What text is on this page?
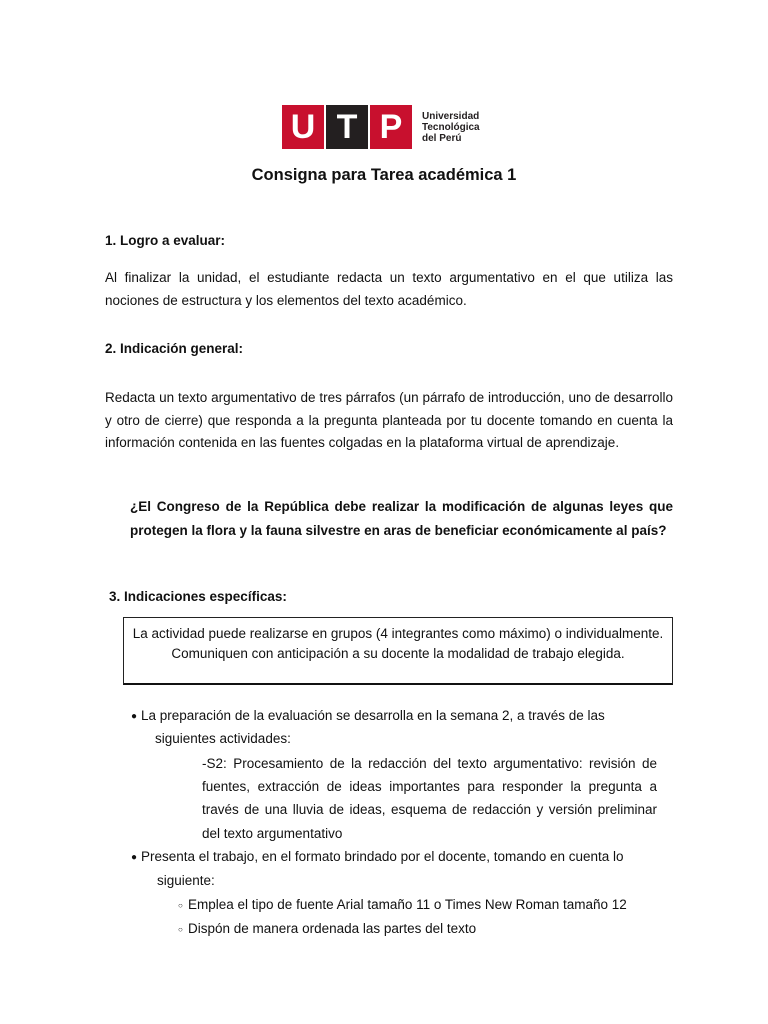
U T P	Universidad
Tecnológica
del Perú
Consigna para Tarea académica 1
1. Logro a evaluar:
Al finalizar la unidad, el estudiante redacta un texto argumentativo en el que utiliza las nociones de estructura y los elementos del texto académico.
2. Indicación general:
Redacta un texto argumentativo de tres párrafos (un párrafo de introducción, uno de desarrollo y otro de cierre) que responda a la pregunta planteada por tu docente tomando en cuenta la información contenida en las fuentes colgadas en la plataforma virtual de aprendizaje.
¿El Congreso de la República debe realizar la modificación de algunas leyes que protegen la flora y la fauna silvestre en aras de beneficiar económicamente al país?
3. Indicaciones específicas:
La actividad puede realizarse en grupos (4 integrantes como máximo) o individualmente. Comuniquen con anticipación a su docente la modalidad de trabajo elegida.
● La preparación de la evaluación se desarrolla en la semana 2, a través de las
siguientes actividades:
-S2: Procesamiento de la redacción del texto argumentativo: revisión de fuentes, extracción de ideas importantes para responder la pregunta a través de una lluvia de ideas, esquema de redacción y versión preliminar del texto argumentativo
● Presenta el trabajo, en el formato brindado por el docente, tomando en cuenta lo
siguiente:
○ Emplea el tipo de fuente Arial tamaño 11 o Times New Roman tamaño 12
○ Dispón de manera ordenada las partes del texto
